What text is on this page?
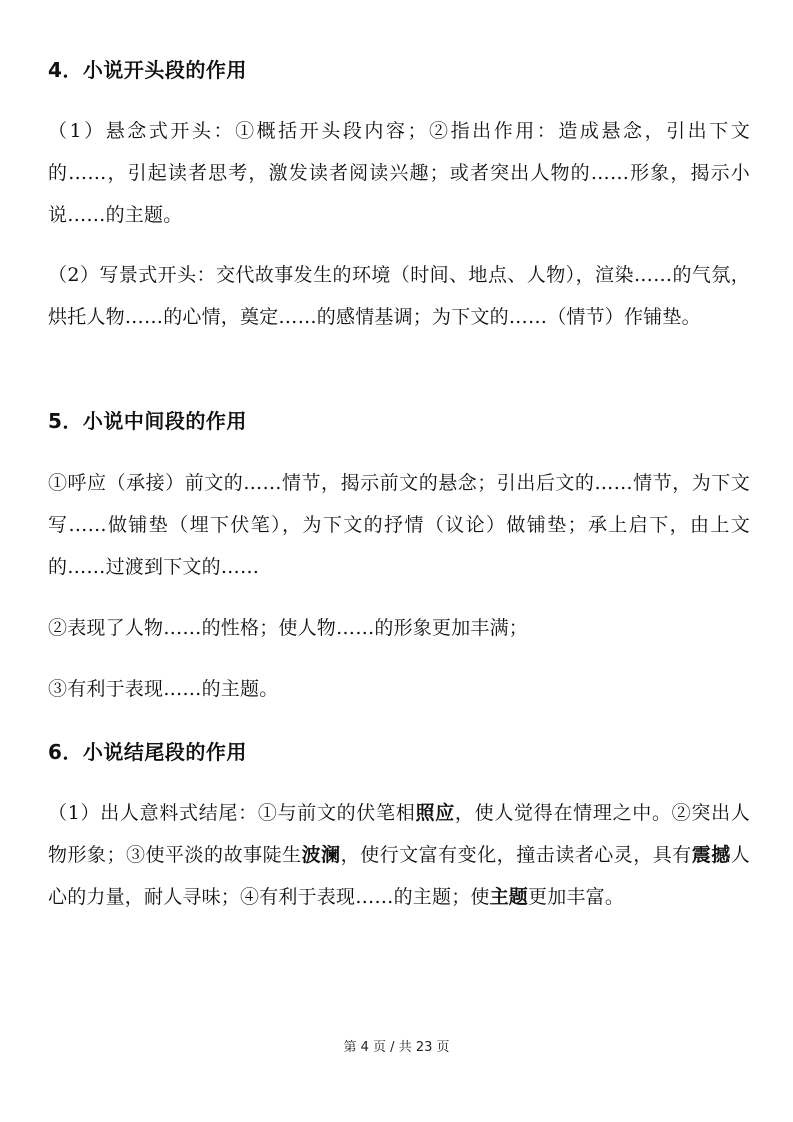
4．小说开头段的作用

（1）悬念式开头：①概括开头段内容；②指出作用：造成悬念，引出下文的……，引起读者思考，激发读者阅读兴趣；或者突出人物的……形象，揭示小说……的主题。

（2）写景式开头：交代故事发生的环境（时间、地点、人物），渲染……的气氛，烘托人物……的心情，奠定……的感情基调；为下文的……（情节）作铺垫。

5．小说中间段的作用

①呼应（承接）前文的……情节，揭示前文的悬念；引出后文的……情节，为下文写……做铺垫（埋下伏笔），为下文的抒情（议论）做铺垫；承上启下，由上文的……过渡到下文的……

②表现了人物……的性格；使人物……的形象更加丰满；

③有利于表现……的主题。

6．小说结尾段的作用

（1）出人意料式结尾：①与前文的伏笔相照应，使人觉得在情理之中。②突出人物形象；③使平淡的故事陡生波澜，使行文富有变化，撞击读者心灵，具有震撼人心的力量，耐人寻味；④有利于表现……的主题；使主题更加丰富。

第 4 页 / 共 23 页
